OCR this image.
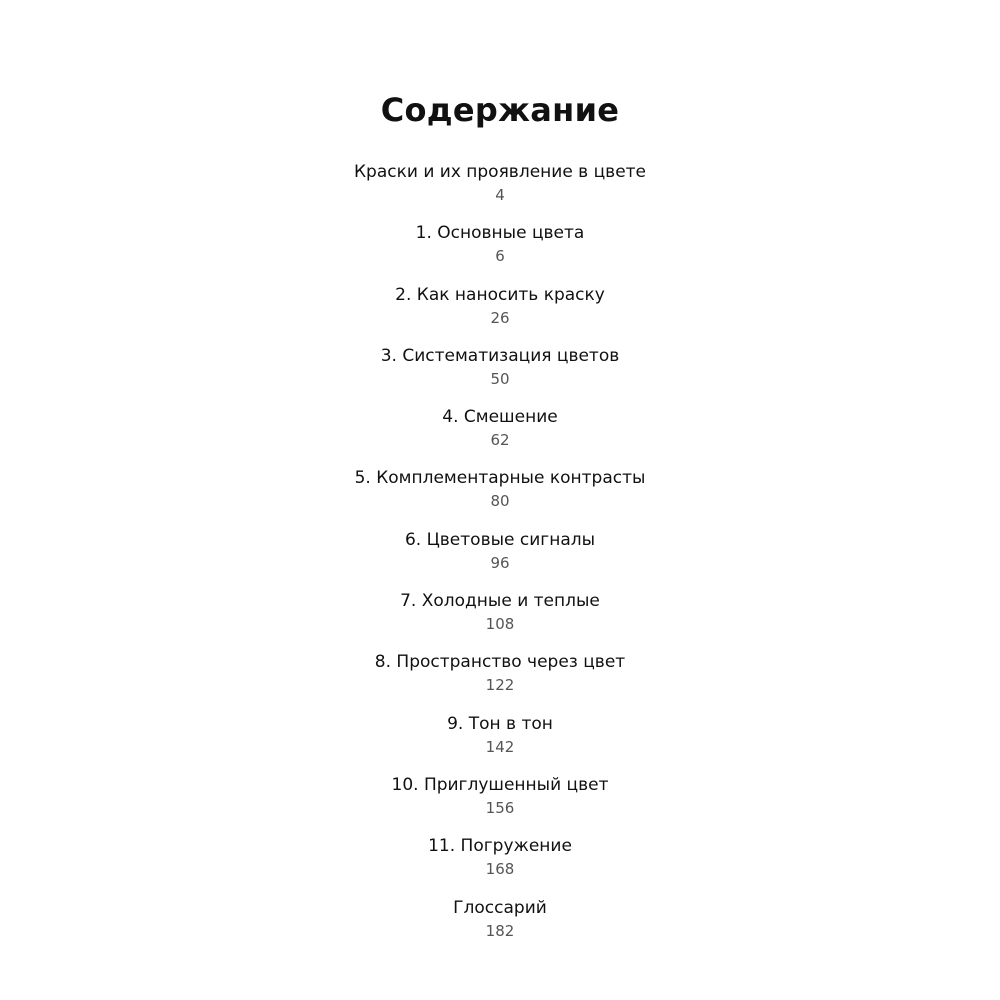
Содержание
Краски и их проявление в цвете
4
1. Основные цвета
6
2. Как наносить краску
26
3. Систематизация цветов
50
4. Смешение
62
5. Комплементарные контрасты
80
6. Цветовые сигналы
96
7. Холодные и теплые
108
8. Пространство через цвет
122
9. Тон в тон
142
10. Приглушенный цвет
156
11. Погружение
168
Глоссарий
182
